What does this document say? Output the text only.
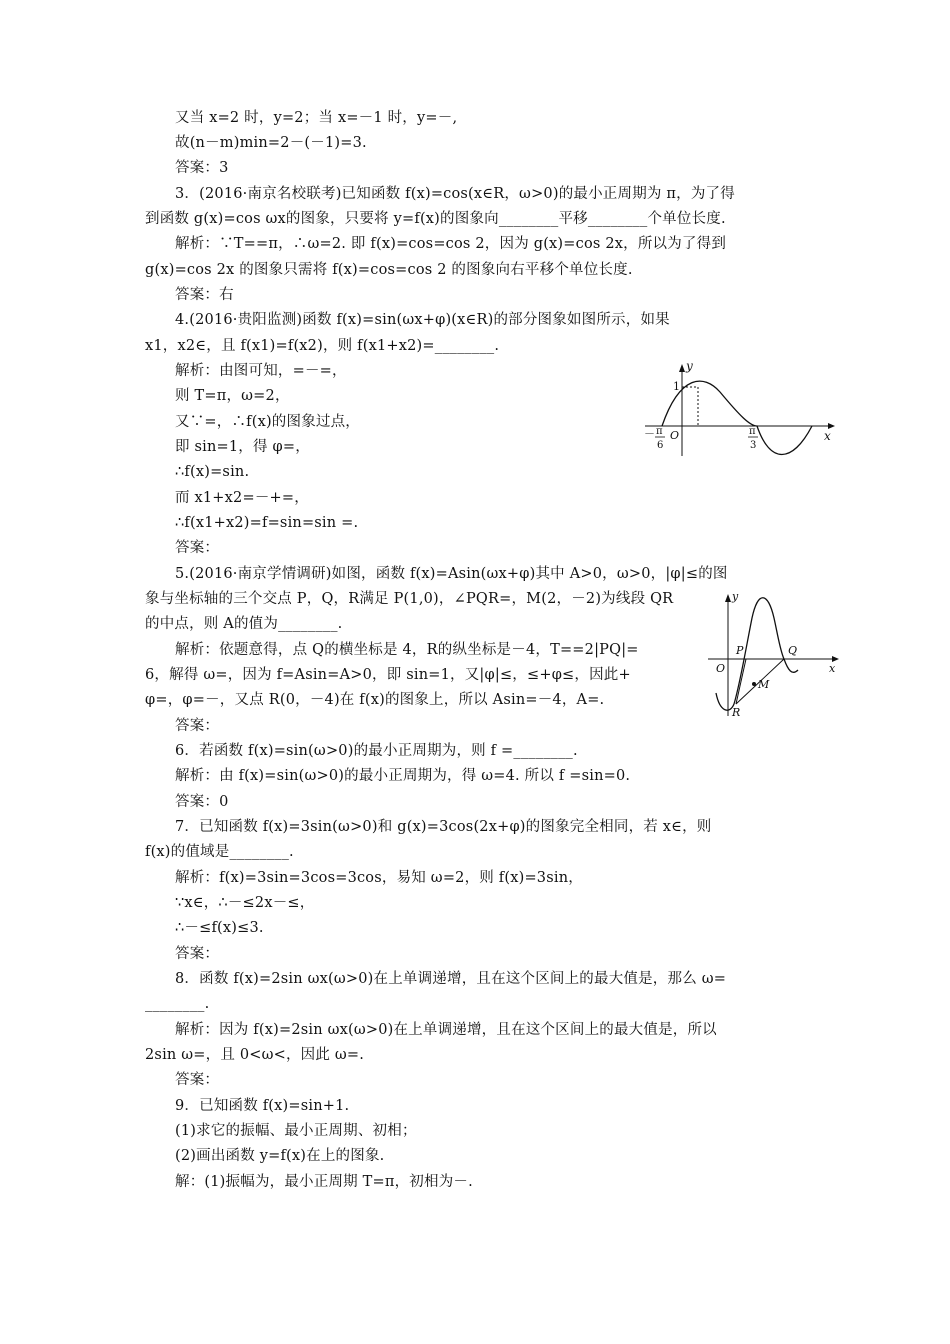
又当 x=2 时，y=2；当 x=－1 时，y=－,
故(n－m)min=2－(－1)=3.
答案：3
3．(2016·南京名校联考)已知函数 f(x)=cos(x∈R，ω>0)的最小正周期为 π，为了得
到函数 g(x)=cos ωx的图象，只要将 y=f(x)的图象向________平移________个单位长度.
解析：∵T==π，∴ω=2. 即 f(x)=cos=cos 2，因为 g(x)=cos 2x，所以为了得到
g(x)=cos 2x 的图象只需将 f(x)=cos=cos 2 的图象向右平移个单位长度.
答案：右
4.(2016·贵阳监测)函数 f(x)=sin(ωx+φ)(x∈R)的部分图象如图所示，如果
x1，x2∈，且 f(x1)=f(x2)，则 f(x1+x2)=________.
解析：由图可知，=－=，
则 T=π，ω=2，
又∵=，∴f(x)的图象过点，
即 sin=1，得 φ=，
∴f(x)=sin.
而 x1+x2=－+=，
∴f(x1+x2)=f=sin=sin =.
答案：
5.(2016·南京学情调研)如图，函数 f(x)=Asin(ωx+φ)其中 A>0，ω>0，|φ|≤的图
象与坐标轴的三个交点 P，Q，R满足 P(1,0)，∠PQR=，M(2，－2)为线段 QR
的中点，则 A的值为________.
解析：依题意得，点 Q的横坐标是 4，R的纵坐标是－4，T==2|PQ|=
6，解得 ω=，因为 f=Asin=A>0，即 sin=1，又|φ|≤，≤+φ≤，因此+
φ=，φ=－，又点 R(0，－4)在 f(x)的图象上，所以 Asin=－4，A=.
答案：
6．若函数 f(x)=sin(ω>0)的最小正周期为，则 f =________.
解析：由 f(x)=sin(ω>0)的最小正周期为，得 ω=4. 所以 f =sin=0.
答案：0
7．已知函数 f(x)=3sin(ω>0)和 g(x)=3cos(2x+φ)的图象完全相同，若 x∈，则
f(x)的值域是________.
解析：f(x)=3sin=3cos=3cos，易知 ω=2，则 f(x)=3sin，
∵x∈，∴－≤2x－≤，
∴－≤f(x)≤3.
答案：
8．函数 f(x)=2sin ωx(ω>0)在上单调递增，且在这个区间上的最大值是，那么 ω=
________.
解析：因为 f(x)=2sin ωx(ω>0)在上单调递增，且在这个区间上的最大值是，所以
2sin ω=，且 0<ω<，因此 ω=.
答案：
9．已知函数 f(x)=sin+1.
(1)求它的振幅、最小正周期、初相；
(2)画出函数 y=f(x)在上的图象.
解：(1)振幅为，最小正周期 T=π，初相为－.
y
x
O
1
－ π
6
π
3
y
x
O
P	Q
M
R
